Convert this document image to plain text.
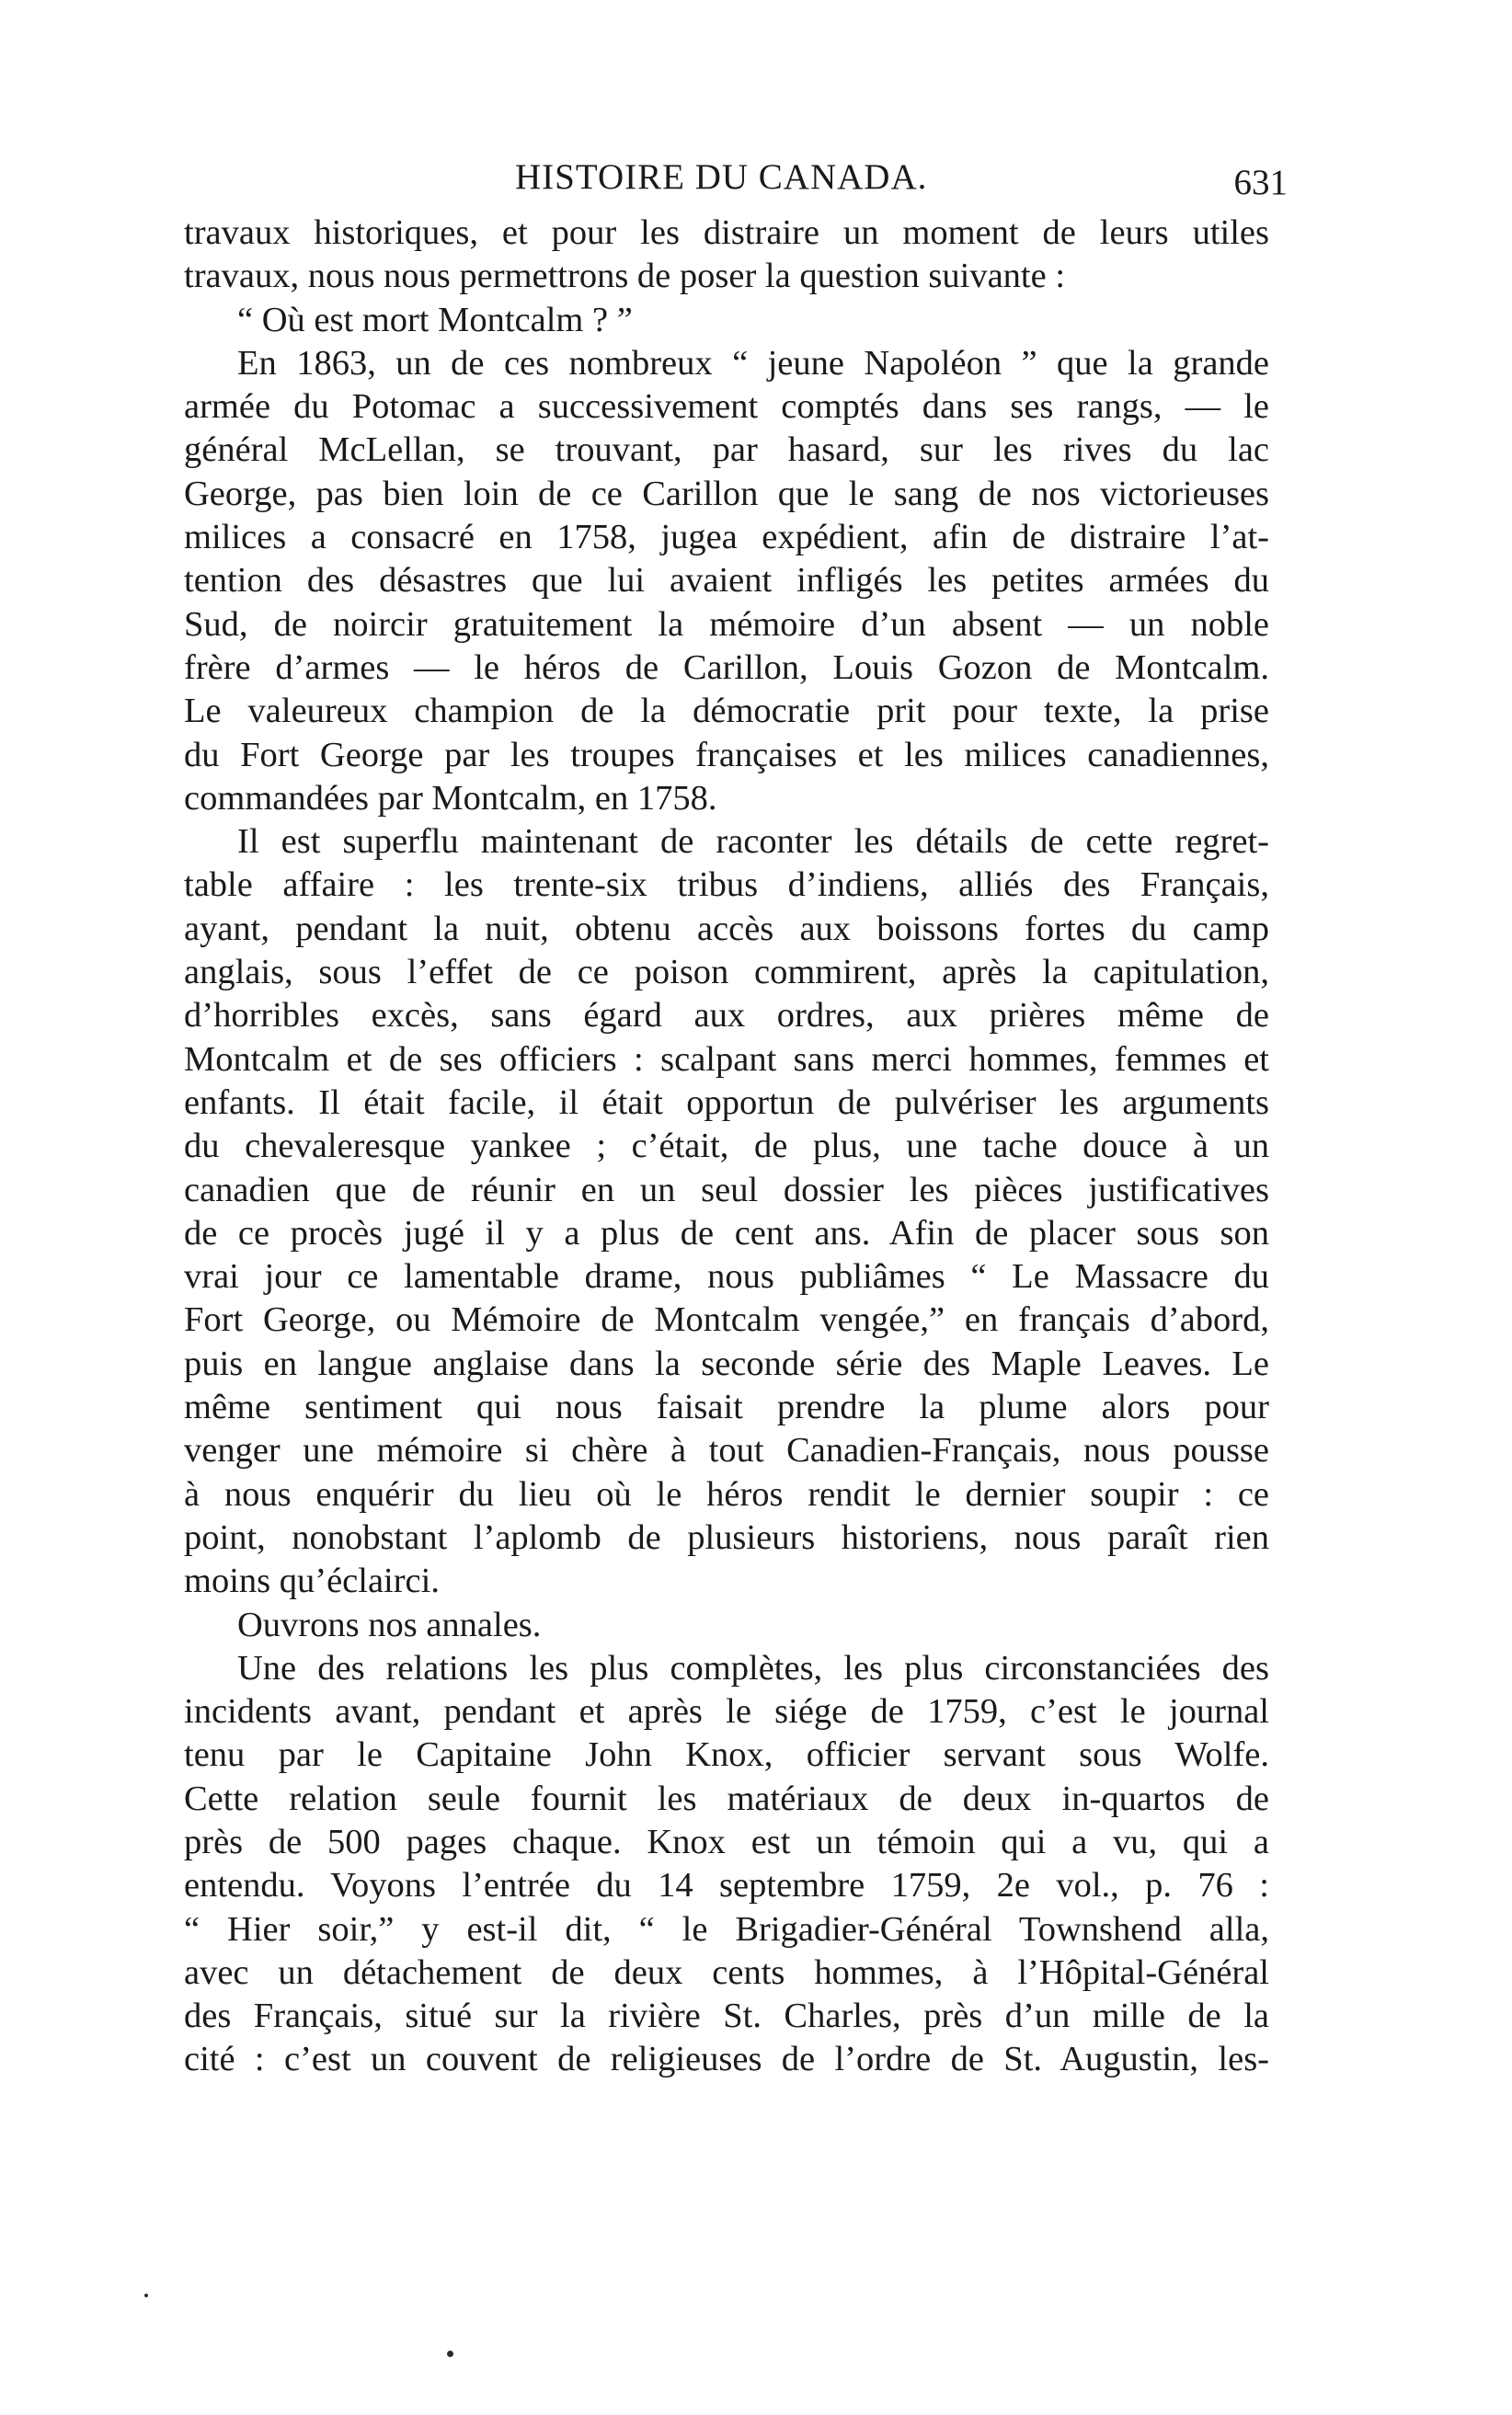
HISTOIRE DU CANADA.	631
travaux historiques, et pour les distraire un moment de leurs utiles
travaux, nous nous permettrons de poser la question suivante :
“ Où est mort Montcalm ? ”
En 1863, un de ces nombreux “ jeune Napoléon ” que la grande
armée du Potomac a successivement comptés dans ses rangs, — le
général McLellan, se trouvant, par hasard, sur les rives du lac
George, pas bien loin de ce Carillon que le sang de nos victorieuses
milices a consacré en 1758, jugea expédient, afin de distraire l’at-
tention des désastres que lui avaient infligés les petites armées du
Sud, de noircir gratuitement la mémoire d’un absent — un noble
frère d’armes — le héros de Carillon, Louis Gozon de Montcalm.
Le valeureux champion de la démocratie prit pour texte, la prise
du Fort George par les troupes françaises et les milices canadiennes,
commandées par Montcalm, en 1758.
Il est superflu maintenant de raconter les détails de cette regret-
table affaire : les trente-six tribus d’indiens, alliés des Français,
ayant, pendant la nuit, obtenu accès aux boissons fortes du camp
anglais, sous l’effet de ce poison commirent, après la capitulation,
d’horribles excès, sans égard aux ordres, aux prières même de
Montcalm et de ses officiers : scalpant sans merci hommes, femmes et
enfants. Il était facile, il était opportun de pulvériser les arguments
du chevaleresque yankee ; c’était, de plus, une tache douce à un
canadien que de réunir en un seul dossier les pièces justificatives
de ce procès jugé il y a plus de cent ans. Afin de placer sous son
vrai jour ce lamentable drame, nous publiâmes “ Le Massacre du
Fort George, ou Mémoire de Montcalm vengée,” en français d’abord,
puis en langue anglaise dans la seconde série des Maple Leaves. Le
même sentiment qui nous faisait prendre la plume alors pour
venger une mémoire si chère à tout Canadien-Français, nous pousse
à nous enquérir du lieu où le héros rendit le dernier soupir : ce
point, nonobstant l’aplomb de plusieurs historiens, nous paraît rien
moins qu’éclairci.
Ouvrons nos annales.
Une des relations les plus complètes, les plus circonstanciées des
incidents avant, pendant et après le siége de 1759, c’est le journal
tenu par le Capitaine John Knox, officier servant sous Wolfe.
Cette relation seule fournit les matériaux de deux in-quartos de
près de 500 pages chaque. Knox est un témoin qui a vu, qui a
entendu. Voyons l’entrée du 14 septembre 1759, 2e vol., p. 76 :
“ Hier soir,” y est-il dit, “ le Brigadier-Général Townshend alla,
avec un détachement de deux cents hommes, à l’Hôpital-Général
des Français, situé sur la rivière St. Charles, près d’un mille de la
cité : c’est un couvent de religieuses de l’ordre de St. Augustin, les-
